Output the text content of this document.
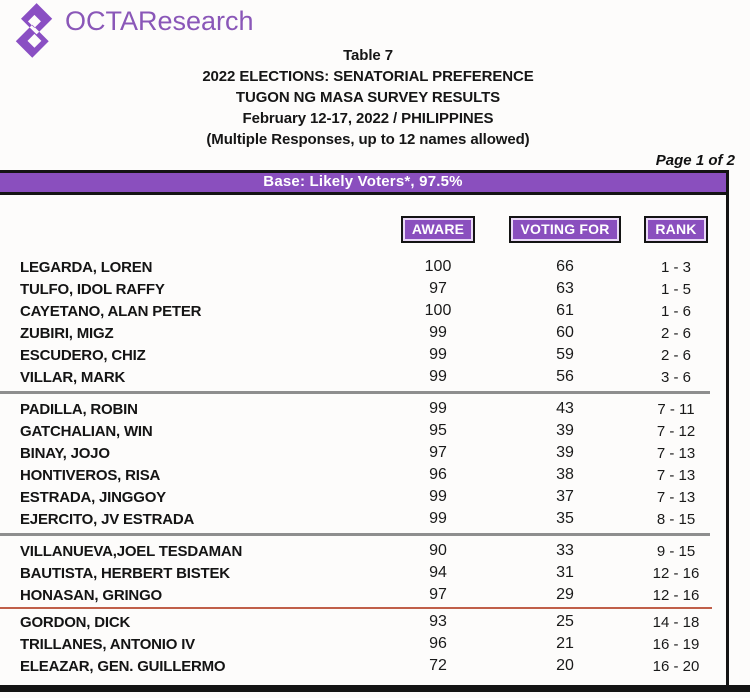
OCTAResearch
Table 7
2022 ELECTIONS: SENATORIAL PREFERENCE
TUGON NG MASA SURVEY RESULTS
February 12-17, 2022 / PHILIPPINES
(Multiple Responses, up to 12 names allowed)
Page 1 of 2
Base: Likely Voters*, 97.5%
AWARE	VOTING FOR	RANK
LEGARDA, LOREN	100	66	1 - 3
TULFO, IDOL RAFFY	97	63	1 - 5
CAYETANO, ALAN PETER	100	61	1 - 6
ZUBIRI, MIGZ	99	60	2 - 6
ESCUDERO, CHIZ	99	59	2 - 6
VILLAR, MARK	99	56	3 - 6
PADILLA, ROBIN	99	43	7 - 11
GATCHALIAN, WIN	95	39	7 - 12
BINAY, JOJO	97	39	7 - 13
HONTIVEROS, RISA	96	38	7 - 13
ESTRADA, JINGGOY	99	37	7 - 13
EJERCITO, JV ESTRADA	99	35	8 - 15
VILLANUEVA,JOEL TESDAMAN	90	33	9 - 15
BAUTISTA, HERBERT BISTEK	94	31	12 - 16
HONASAN, GRINGO	97	29	12 - 16
GORDON, DICK	93	25	14 - 18
TRILLANES, ANTONIO IV	96	21	16 - 19
ELEAZAR, GEN. GUILLERMO	72	20	16 - 20
